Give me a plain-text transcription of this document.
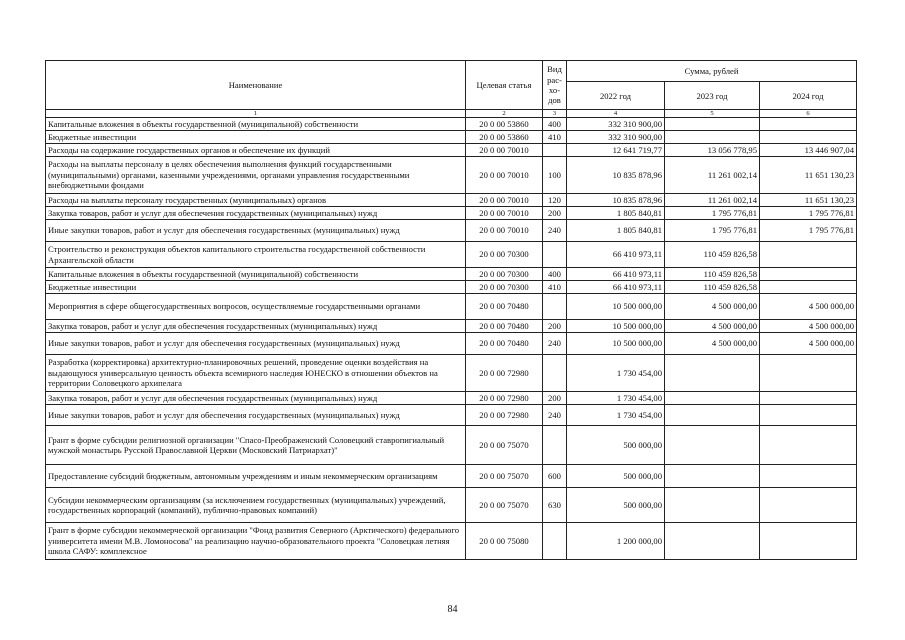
Наименование	Целевая статья	Вид рас-хо-дов	Сумма, рублей		
			2022 год	2023 год	2024 год
1	2	3	4	5	6
Капитальные вложения в объекты государственной (муниципальной) собственности	20 0 00 53860	400	332 310 900,00		
Бюджетные инвестиции	20 0 00 53860	410	332 310 900,00		
Расходы на содержание государственных органов и обеспечение их функций	20 0 00 70010		12 641 719,77	13 056 778,95	13 446 907,04
Расходы на выплаты персоналу в целях обеспечения выполнения функций государственными (муниципальными) органами, казенными учреждениями, органами управления государственными внебюджетными фондами	20 0 00 70010	100	10 835 878,96	11 261 002,14	11 651 130,23
Расходы на выплаты персоналу государственных (муниципальных) органов	20 0 00 70010	120	10 835 878,96	11 261 002,14	11 651 130,23
Закупка товаров, работ и услуг для обеспечения государственных (муниципальных) нужд	20 0 00 70010	200	1 805 840,81	1 795 776,81	1 795 776,81
Иные закупки товаров, работ и услуг для обеспечения государственных (муниципальных) нужд	20 0 00 70010	240	1 805 840,81	1 795 776,81	1 795 776,81
Строительство и реконструкция объектов капитального строительства государственной собственности Архангельской области	20 0 00 70300		66 410 973,11	110 459 826,58	
Капитальные вложения в объекты государственной (муниципальной) собственности	20 0 00 70300	400	66 410 973,11	110 459 826,58	
Бюджетные инвестиции	20 0 00 70300	410	66 410 973,11	110 459 826,58	
Мероприятия в сфере общегосударственных вопросов, осуществляемые государственными органами	20 0 00 70480		10 500 000,00	4 500 000,00	4 500 000,00
Закупка товаров, работ и услуг для обеспечения государственных (муниципальных) нужд	20 0 00 70480	200	10 500 000,00	4 500 000,00	4 500 000,00
Иные закупки товаров, работ и услуг для обеспечения государственных (муниципальных) нужд	20 0 00 70480	240	10 500 000,00	4 500 000,00	4 500 000,00
Разработка (корректировка) архитектурно-планировочных решений, проведение оценки воздействия на выдающуюся универсальную ценность объекта всемирного наследия ЮНЕСКО в отношении объектов на территории Соловецкого архипелага	20 0 00 72980		1 730 454,00		
Закупка товаров, работ и услуг для обеспечения государственных (муниципальных) нужд	20 0 00 72980	200	1 730 454,00		
Иные закупки товаров, работ и услуг для обеспечения государственных (муниципальных) нужд	20 0 00 72980	240	1 730 454,00		
Грант в форме субсидии религиозной организации "Спасо-Преображенский Соловецкий ставропигиальный мужской монастырь Русской Православной Церкви (Московский Патриархат)"	20 0 00 75070		500 000,00		
Предоставление субсидий бюджетным, автономным учреждениям и иным некоммерческим организациям	20 0 00 75070	600	500 000,00		
Субсидии некоммерческим организациям (за исключением государственных (муниципальных) учреждений, государственных корпораций (компаний), публично-правовых компаний)	20 0 00 75070	630	500 000,00		
Грант в форме субсидии некоммерческой организации "Фонд развития Северного (Арктического) федерального университета имени М.В. Ломоносова" на реализацию научно-образовательного проекта "Соловецкая летняя школа САФУ: комплексное	20 0 00 75080		1 200 000,00		
84
